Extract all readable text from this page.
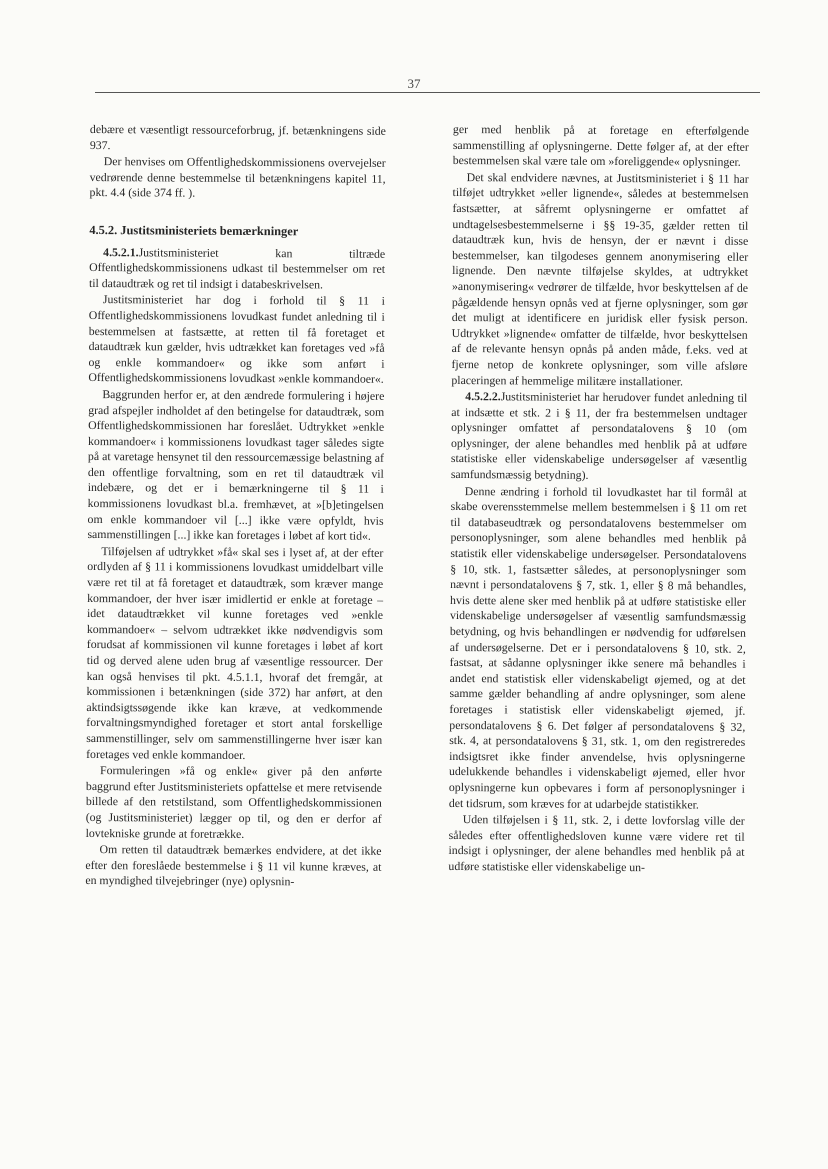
37

debære et væsentligt ressourceforbrug, jf. betænkningens side 937.

Der henvises om Offentlighedskommissionens overvejelser vedrørende denne bestemmelse til betænkningens kapitel 11, pkt. 4.4 (side 374 ff. ).

4.5.2. Justitsministeriets bemærkninger

4.5.2.1.Justitsministeriet kan tiltræde Offentlighedskommissionens udkast til bestemmelser om ret til dataudtræk og ret til indsigt i databeskrivelsen.

Justitsministeriet har dog i forhold til § 11 i Offentlighedskommissionens lovudkast fundet anledning til i bestemmelsen at fastsætte, at retten til få foretaget et dataudtræk kun gælder, hvis udtrækket kan foretages ved »få og enkle kommandoer« og ikke som anført i Offentlighedskommissionens lovudkast »enkle kommandoer«.

Baggrunden herfor er, at den ændrede formulering i højere grad afspejler indholdet af den betingelse for dataudtræk, som Offentlighedskommissionen har foreslået. Udtrykket »enkle kommandoer« i kommissionens lovudkast tager således sigte på at varetage hensynet til den ressourcemæssige belastning af den offentlige forvaltning, som en ret til dataudtræk vil indebære, og det er i bemærkningerne til § 11 i kommissionens lovudkast bl.a. fremhævet, at »[b]etingelsen om enkle kommandoer vil [...] ikke være opfyldt, hvis sammenstillingen [...] ikke kan foretages i løbet af kort tid«.

Tilføjelsen af udtrykket »få« skal ses i lyset af, at der efter ordlyden af § 11 i kommissionens lovudkast umiddelbart ville være ret til at få foretaget et dataudtræk, som kræver mange kommandoer, der hver især imidlertid er enkle at foretage – idet dataudtrækket vil kunne foretages ved »enkle kommandoer« – selvom udtrækket ikke nødvendigvis som forudsat af kommissionen vil kunne foretages i løbet af kort tid og derved alene uden brug af væsentlige ressourcer. Der kan også henvises til pkt. 4.5.1.1, hvoraf det fremgår, at kommissionen i betænkningen (side 372) har anført, at den aktindsigtssøgende ikke kan kræve, at vedkommende forvaltningsmyndighed foretager et stort antal forskellige sammenstillinger, selv om sammenstillingerne hver især kan foretages ved enkle kommandoer.

Formuleringen »få og enkle« giver på den anførte baggrund efter Justitsministeriets opfattelse et mere retvisende billede af den retstilstand, som Offentlighedskommissionen (og Justitsministeriet) lægger op til, og den er derfor af lovtekniske grunde at foretrække.

Om retten til dataudtræk bemærkes endvidere, at det ikke efter den foreslåede bestemmelse i § 11 vil kunne kræves, at en myndighed tilvejebringer (nye) oplysnin-

ger med henblik på at foretage en efterfølgende sammenstilling af oplysningerne. Dette følger af, at der efter bestemmelsen skal være tale om »foreliggende« oplysninger.

Det skal endvidere nævnes, at Justitsministeriet i § 11 har tilføjet udtrykket »eller lignende«, således at bestemmelsen fastsætter, at såfremt oplysningerne er omfattet af undtagelsesbestemmelserne i §§ 19-35, gælder retten til dataudtræk kun, hvis de hensyn, der er nævnt i disse bestemmelser, kan tilgodeses gennem anonymisering eller lignende. Den nævnte tilføjelse skyldes, at udtrykket »anonymisering« vedrører de tilfælde, hvor beskyttelsen af de pågældende hensyn opnås ved at fjerne oplysninger, som gør det muligt at identificere en juridisk eller fysisk person. Udtrykket »lignende« omfatter de tilfælde, hvor beskyttelsen af de relevante hensyn opnås på anden måde, f.eks. ved at fjerne netop de konkrete oplysninger, som ville afsløre placeringen af hemmelige militære installationer.

4.5.2.2.Justitsministeriet har herudover fundet anledning til at indsætte et stk. 2 i § 11, der fra bestemmelsen undtager oplysninger omfattet af persondatalovens § 10 (om oplysninger, der alene behandles med henblik på at udføre statistiske eller videnskabelige undersøgelser af væsentlig samfundsmæssig betydning).

Denne ændring i forhold til lovudkastet har til formål at skabe overensstemmelse mellem bestemmelsen i § 11 om ret til databaseudtræk og persondatalovens bestemmelser om personoplysninger, som alene behandles med henblik på statistik eller videnskabelige undersøgelser. Persondatalovens § 10, stk. 1, fastsætter således, at personoplysninger som nævnt i persondatalovens § 7, stk. 1, eller § 8 må behandles, hvis dette alene sker med henblik på at udføre statistiske eller videnskabelige undersøgelser af væsentlig samfundsmæssig betydning, og hvis behandlingen er nødvendig for udførelsen af undersøgelserne. Det er i persondatalovens § 10, stk. 2, fastsat, at sådanne oplysninger ikke senere må behandles i andet end statistisk eller videnskabeligt øjemed, og at det samme gælder behandling af andre oplysninger, som alene foretages i statistisk eller videnskabeligt øjemed, jf. persondatalovens § 6. Det følger af persondatalovens § 32, stk. 4, at persondatalovens § 31, stk. 1, om den registreredes indsigtsret ikke finder anvendelse, hvis oplysningerne udelukkende behandles i videnskabeligt øjemed, eller hvor oplysningerne kun opbevares i form af personoplysninger i det tidsrum, som kræves for at udarbejde statistikker.

Uden tilføjelsen i § 11, stk. 2, i dette lovforslag ville der således efter offentlighedsloven kunne være videre ret til indsigt i oplysninger, der alene behandles med henblik på at udføre statistiske eller videnskabelige un-
